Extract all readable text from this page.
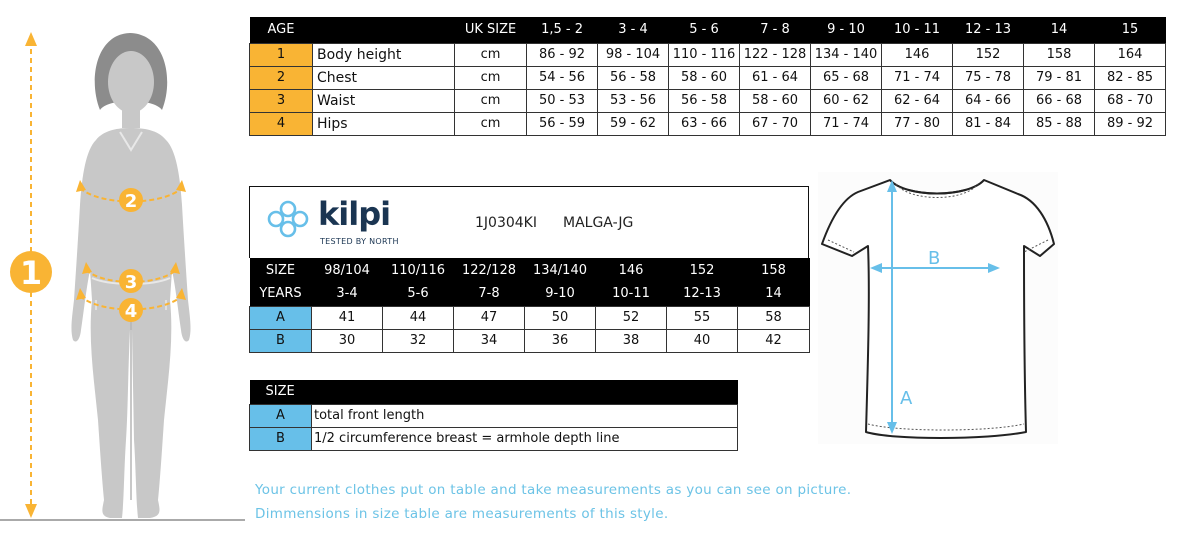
1
2
3
4
AGE		UK SIZE	1,5 - 2	3 - 4	5 - 6	7 - 8	9 - 10	10 - 11	12 - 13	14	15
1	Body height	cm	86 - 92	98 - 104	110 - 116	122 - 128	134 - 140	146	152	158	164
2	Chest	cm	54 - 56	56 - 58	58 - 60	61 - 64	65 - 68	71 - 74	75 - 78	79 - 81	82 - 85
3	Waist	cm	50 - 53	53 - 56	56 - 58	58 - 60	60 - 62	62 - 64	64 - 66	66 - 68	68 - 70
4	Hips	cm	56 - 59	59 - 62	63 - 66	67 - 70	71 - 74	77 - 80	81 - 84	85 - 88	89 - 92
kilpi
TESTED BY NORTH
1J0304KI MALGA-JG
SIZE	98/104	110/116	122/128	134/140	146	152	158
YEARS	3-4	5-6	7-8	9-10	10-11	12-13	14
A	41	44	47	50	52	55	58
B	30	32	34	36	38	40	42
SIZE	
A	total front length
B	1/2 circumference breast = armhole depth line
A
B
Your current clothes put on table and take measurements as you can see on picture.
Dimmensions in size table are measurements of this style.
